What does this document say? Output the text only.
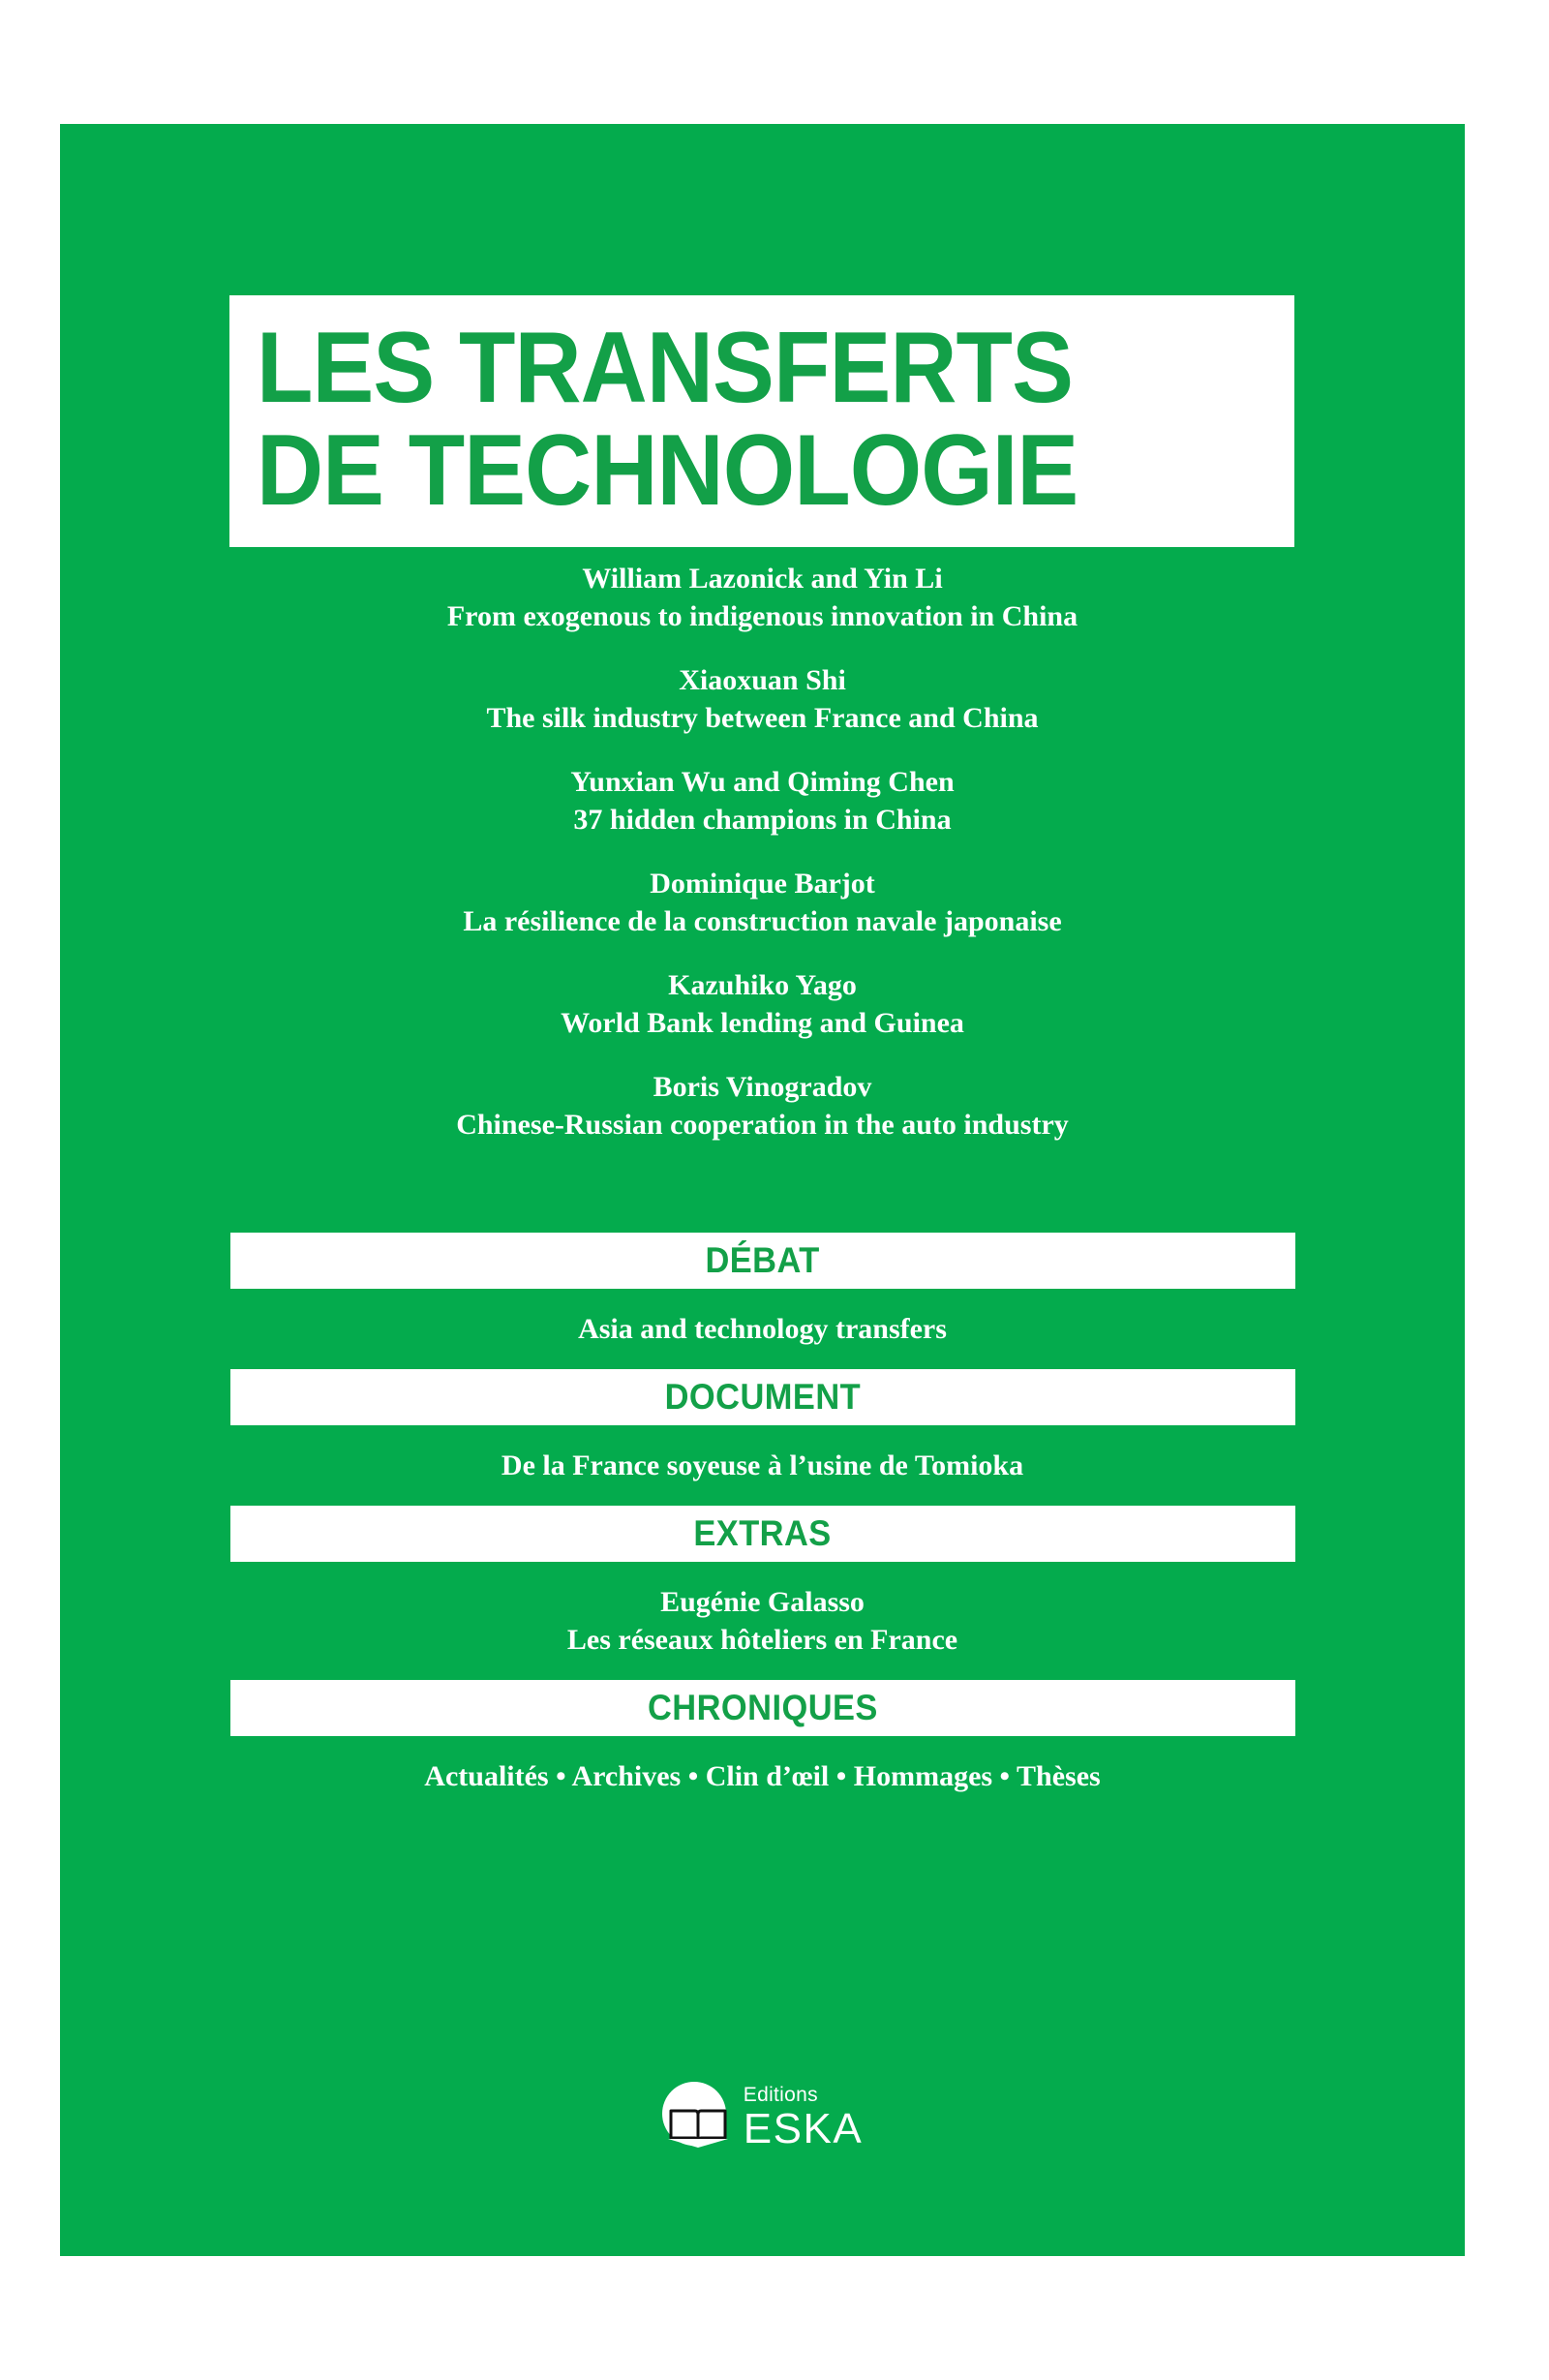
LES TRANSFERTS
DE TECHNOLOGIE
William Lazonick and Yin Li
From exogenous to indigenous innovation in China
Xiaoxuan Shi
The silk industry between France and China
Yunxian Wu and Qiming Chen
37 hidden champions in China
Dominique Barjot
La résilience de la construction navale japonaise
Kazuhiko Yago
World Bank lending and Guinea
Boris Vinogradov
Chinese-Russian cooperation in the auto industry
DÉBAT
Asia and technology transfers
DOCUMENT
De la France soyeuse à l’usine de Tomioka
EXTRAS
Eugénie Galasso
Les réseaux hôteliers en France
CHRONIQUES
Actualités • Archives • Clin d’œil • Hommages • Thèses
Editions
ESKA
